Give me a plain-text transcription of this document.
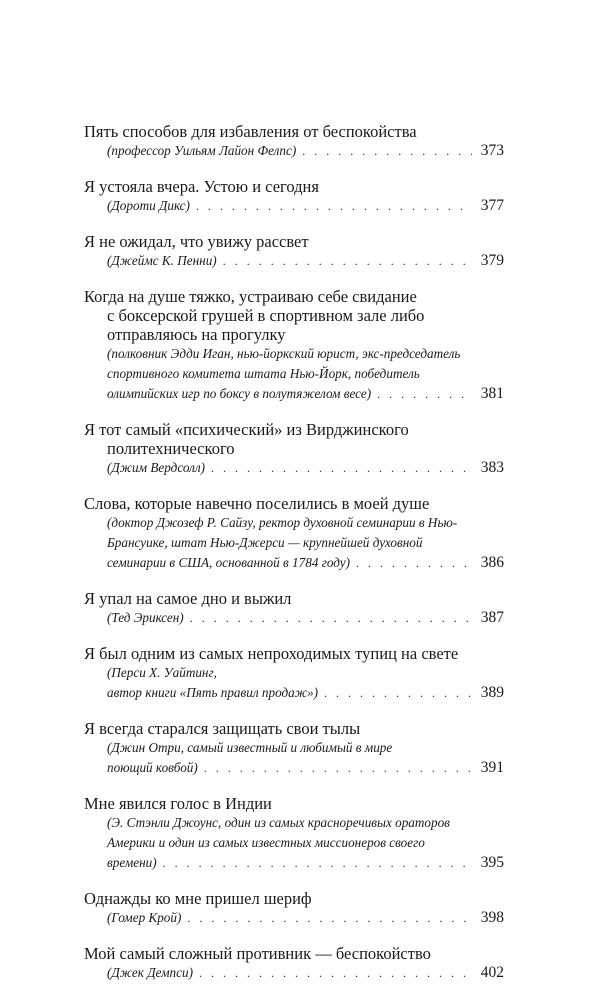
Пять способов для избавления от беспокойства
(профессор Уильям Лайон Фелпс) . . .	373
Я устояла вчера. Устою и сегодня
(Дороти Дикс) . . .	377
Я не ожидал, что увижу рассвет
(Джеймс К. Пенни) . . .	379
Когда на душе тяжко, устраиваю себе свидание
с боксерской грушей в спортивном зале либо
отправляюсь на прогулку
(полковник Эдди Иган, нью-йоркский юрист, экс-председатель
спортивного комитета штата Нью-Йорк, победитель
олимпийских игр по боксу в полутяжелом весе) . . .	381
Я тот самый «психический» из Вирджинского
политехнического
(Джим Вердсолл) . . .	383
Слова, которые навечно поселились в моей душе
(доктор Джозеф Р. Сайзу, ректор духовной семинарии в Нью-
Брансуике, штат Нью-Джерси — крупнейшей духовной
семинарии в США, основанной в 1784 году) . . .	386
Я упал на самое дно и выжил
(Тед Эриксен) . . .	387
Я был одним из самых непроходимых тупиц на свете
(Перси Х. Уайтинг,
автор книги «Пять правил продаж») . . .	389
Я всегда старался защищать свои тылы
(Джин Отри, самый известный и любимый в мире
поющий ковбой) . . .	391
Мне явился голос в Индии
(Э. Стэнли Джоунс, один из самых красноречивых ораторов
Америки и один из самых известных миссионеров своего
времени) . . .	395
Однажды ко мне пришел шериф
(Гомер Крой) . . .	398
Мой самый сложный противник — беспокойство
(Джек Демпси) . . .	402
